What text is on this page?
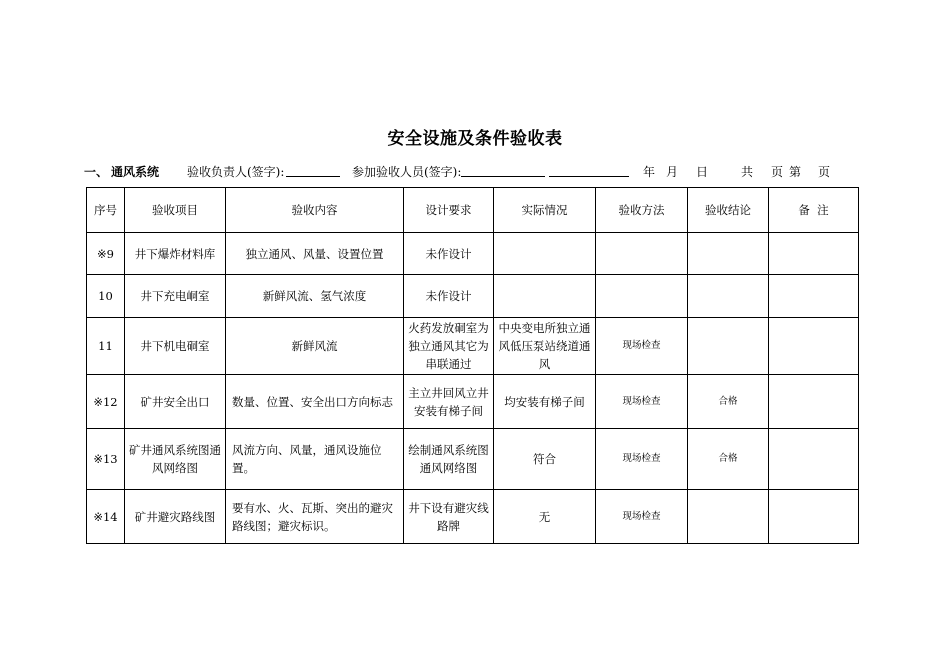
安全设施及条件验收表
一、 通风系统 验收负责人(签字):	参加验收人员(签字):	年 月 日	共 页 第 页
序号	验收项目	验收内容	设计要求	实际情况	验收方法	验收结论	备  注
※9	井下爆炸材料库	独立通风、风量、设置位置	未作设计				
10	井下充电峒室	新鲜风流、氢气浓度	未作设计				
11	井下机电硐室	新鲜风流	火药发放硐室为独立通风其它为串联通过	中央变电所独立通风低压泵站绕道通风	现场检查		
※12	矿井安全出口	数量、位置、安全出口方向标志	主立井回风立井安装有梯子间	均安装有梯子间	现场检查	合格	
※13	矿井通风系统图通风网络图	风流方向、风量，通风设施位置。	绘制通风系统图通风网络图	符合	现场检查	合格	
※14	矿井避灾路线图	要有水、火、瓦斯、突出的避灾路线图；避灾标识。	井下设有避灾线路牌	无	现场检查		
